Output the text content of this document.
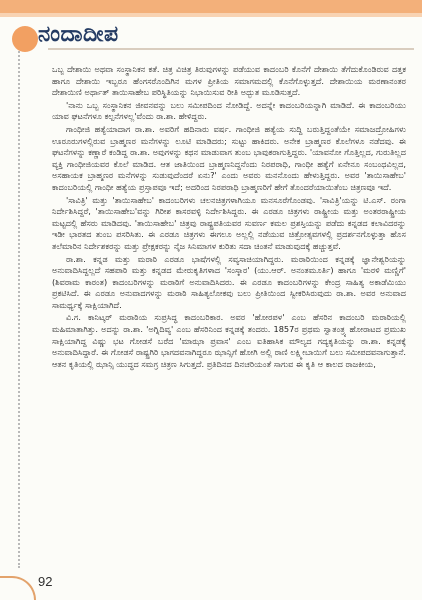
ನಂದಾದೀಪ

ಒಬ್ಬ ದೇಶಾಯಿ ಅಥವಾ ಸಂಸ್ಥಾನಿಕನ ಕತೆ. ಚಿತ್ರ ವಿಚಿತ್ರ ತಿರುವುಗಳನ್ನು ಪಡೆಯುವ ಕಾದಂಬರಿ ಕೊನೆಗೆ ದೇಶಾಯಿ ತೆಗೆದುಕೊಂಡಿರುವ ದತ್ತಕ ಹಾಗೂ ದೇಶಾಯಿ ಇಬ್ಬರೂ ಹೆಂಗಸರೊಂದಿಗಿನ ಮಗಳ ಪ್ರೀತಿಯ ಸಮಾಗಮದಲ್ಲಿ ಕೊನೆಗೊಳ್ಳುತ್ತದೆ. ದೇಶಾಯಿಯ ಮರಣಾನಂತರ ದೇಶಾಯಿಣಿ ಅರ್ಥಾತ್ ತಾಯಿಸಾಹೇಬ ಪರಿಸ್ಥಿತಿಯನ್ನು ನಿಭಾಯಿಸುವ ರೀತಿ ಅದ್ಭುತ ಮೂಡಿಸುತ್ತದೆ.

'ನಾನು ಒಬ್ಬ ಸಂಸ್ಥಾನಿಕನ ಜೀವನವನ್ನು ಬಲು ಸಮೀಪದಿಂದ ನೋಡಿದ್ದೆ. ಅದನ್ನೇ ಕಾದಂಬರಿಯನ್ನಾಗಿ ಮಾಡಿದೆ. ಈ ಕಾದಂಬರಿಯು ಯಾವ ಘಟನೆಗಳೂ ಕಲ್ಪನೆಗಳಲ್ಲ'ವೆಂದು ರಾ.ಶಾ. ಹೇಳಿದ್ದರು.

ಗಾಂಧೀಜಿ ಹತ್ಯೆಯಾದಾಗ ರಾ.ಶಾ. ಅವರಿಗೆ ಹದಿನಾರು ವರ್ಷ. ಗಾಂಧೀಜಿ ಹತ್ಯೆಯ ಸುದ್ದಿ ಬರುತ್ತಿದ್ದಂತೆಯೇ ಸಮಾಜದ್ರೋಹಿಗಳು ಊರೂರುಗಳಲ್ಲಿರುವ ಬ್ರಾಹ್ಮಣರ ಮನೆಗಳನ್ನು ಲೂಟಿ ಮಾಡಿದರು; ಸುಟ್ಟು ಹಾಕಿದರು. ಅನೇಕ ಬ್ರಾಹ್ಮಣರ ಕೊಲೆಗಳೂ ನಡೆದವು. ಈ ಘಟನೆಗಳನ್ನು ಕಣ್ಣಾರೆ ಕಂಡಿದ್ದ ರಾ.ಶಾ. ಅವುಗಳನ್ನು ಕಥನ ಮಾಡುವಾಗ ತುಂಬ ಭಾವುಕರಾಗುತ್ತಿದ್ದರು. 'ಯಾವನೋ ಗೊತ್ತಿಲ್ಲದ, ಗುರುತಿಲ್ಲದ ವ್ಯಕ್ತಿ ಗಾಂಧೀಜಿಯವರ ಕೊಲೆ ಮಾಡಿದ. ಆತ ಜಾತಿಯಿಂದ ಬ್ರಾಹ್ಮಣನಿದ್ದನೆಂದು ನಿರಪರಾಧಿ, ಗಾಂಧೀ ಹತ್ಯೆಗೆ ಏನೇನೂ ಸಂಬಂಧವಿಲ್ಲದ, ಅಸಹಾಯಕ ಬ್ರಾಹ್ಮಣರ ಮನೆಗಳನ್ನು ಸುಡುವುದೆಂದರೆ ಏನು?' ಎಂದು ಅವರು ಮನನೊಂದು ಹೇಳುತ್ತಿದ್ದರು. ಅವರ 'ತಾಯಿಸಾಹೇಬ' ಕಾದಂಬರಿಯಲ್ಲಿ ಗಾಂಧೀ ಹತ್ಯೆಯ ಪ್ರಸ್ತಾಪವೂ ಇದೆ; ಅದರಿಂದ ನಿರಪರಾಧಿ ಬ್ರಾಹ್ಮಣರಿಗೆ ಹೇಗೆ ತೊಂದರೆಯಾಯಿತೆಂಬ ಚಿತ್ರಣವೂ ಇದೆ.

'ಸಾವಿತ್ರಿ' ಮತ್ತು 'ತಾಯಿಸಾಹೇಬ' ಕಾದಂಬರಿಗಳು ಚಲನಚಿತ್ರಗಳಾಗಿಯೂ ಮನಸೂರೆಗೊಂಡವು. 'ಸಾವಿತ್ರಿ'ಯನ್ನು ಟಿ.ಎಸ್. ರಂಗಾ ನಿರ್ದೇಶಿಸಿದ್ದರೆ, 'ತಾಯಿಸಾಹೇಬ'ವನ್ನು ಗಿರೀಶ ಕಾಸರವಳ್ಳಿ ನಿರ್ದೇಶಿಸಿದ್ದರು. ಈ ಎರಡೂ ಚಿತ್ರಗಳು ರಾಷ್ಟ್ರೀಯ ಮತ್ತು ಅಂತರರಾಷ್ಟ್ರೀಯ ಮಟ್ಟದಲ್ಲಿ ಹೆಸರು ಮಾಡಿದವು. 'ತಾಯಿಸಾಹೇಬ' ಚಿತ್ರವು ರಾಷ್ಟ್ರಪತಿಯವರ ಸುವರ್ಣ ಕಮಲ ಪ್ರಶಸ್ತಿಯನ್ನು ಪಡೆದು ಕನ್ನಡದ ಕಲಾವಿದರನ್ನು ಇಡೀ ಭಾರತದ ತುಂಬ ಪಸರಿಸಿತು. ಈ ಎರಡೂ ಚಿತ್ರಗಳು ಈಗಲೂ ಅಲ್ಲಲ್ಲಿ ನಡೆಯುವ ಚಿತ್ರೋತ್ಸವಗಳಲ್ಲಿ ಪ್ರದರ್ಶನಗೊಳ್ಳುತ್ತಾ ಹೊಸ ತಲೆಮಾರಿನ ನಿರ್ದೇಶಕರನ್ನು ಮತ್ತು ಪ್ರೇಕ್ಷಕರನ್ನು ನೈಜ ಸಿನಿಮಾಗಳ ಕುರಿತು ಸದಾ ಚಿಂತನೆ ಮಾಡುವುದಕ್ಕೆ ಹಚ್ಚುತ್ತವೆ.

ರಾ.ಶಾ. ಕನ್ನಡ ಮತ್ತು ಮರಾಠಿ ಎರಡೂ ಭಾಷೆಗಳಲ್ಲಿ ಸವ್ಯಸಾಚಿಯಾಗಿದ್ದರು. ಮರಾಠಿಯಿಂದ ಕನ್ನಡಕ್ಕೆ ಜ್ಞಾನೇಶ್ವರಿಯನ್ನು ಅನುವಾದಿಸಿದ್ದಲ್ಲದೆ ಸಹಪಾಠಿ ಮತ್ತು ಕನ್ನಡದ ಮೇರುಕೃತಿಗಳಾದ 'ಸಂಸ್ಕಾರ' (ಯು.ಆರ್. ಅನಂತಮೂರ್ತಿ) ಹಾಗೂ 'ಮರಳಿ ಮಣ್ಣಿಗೆ' (ಶಿವರಾಮ ಕಾರಂತ) ಕಾದಂಬರಿಗಳನ್ನು ಮರಾಠಿಗೆ ಅನುವಾದಿಸಿದರು. ಈ ಎರಡೂ ಕಾದಂಬರಿಗಳನ್ನು ಕೇಂದ್ರ ಸಾಹಿತ್ಯ ಅಕಾಡೆಮಿಯು ಪ್ರಕಟಿಸಿದೆ. ಈ ಎರಡೂ ಅನುವಾದಗಳನ್ನು ಮರಾಠಿ ಸಾಹಿತ್ಯಲೋಕವು ಬಲು ಪ್ರೀತಿಯಿಂದ ಸ್ವೀಕರಿಸಿರುವುದು ರಾ.ಶಾ. ಅವರ ಅನುವಾದ ಸಾಮರ್ಥ್ಯಕ್ಕೆ ಸಾಕ್ಷಿಯಾಗಿದೆ.

ವಿ.ಗ. ಕಾನಿಟ್ಕರ್ ಮರಾಠಿಯ ಸುಪ್ರಸಿದ್ಧ ಕಾದಂಬರಿಕಾರ. ಅವರ 'ಹೋರಪಳ' ಎಂಬ ಹೆಸರಿನ ಕಾದಂಬರಿ ಮರಾಠಿಯಲ್ಲಿ ಮಹಿಮಾತಾಗಿತ್ತು. ಅದನ್ನು ರಾ.ಶಾ. 'ಅಗ್ನಿದಿವ್ಯ' ಎಂಬ ಹೆಸರಿನಿಂದ ಕನ್ನಡಕ್ಕೆ ತಂದರು. 1857ರ ಪ್ರಥಮ ಸ್ವಾತಂತ್ರ್ಯ ಹೋರಾಟದ ಪ್ರಮುಖ ಸಾಕ್ಷಿಯಾಗಿದ್ದ ವಿಷ್ಣು ಭಟ ಗೋಡಸೆ ಬರೆದ 'ಮಾಝಾ ಪ್ರವಾಸ' ಎಂಬ ಐತಿಹಾಸಿಕ ಮೌಲ್ಯದ ಗದ್ಯಕೃತಿಯನ್ನು ರಾ.ಶಾ. ಕನ್ನಡಕ್ಕೆ ಅನುವಾದಿಸಿದ್ದಾರೆ. ಈ ಗೋಡಸೆ ರಾಷ್ಟ್ರಗಿರಿ ಭಾಗದವನಾಗಿದ್ದರೂ ಝಾನ್ಸಿಗೆ ಹೋಗಿ ಅಲ್ಲಿ ರಾಣಿ ಲಕ್ಷ್ಮೀಬಾಯಿಗೆ ಬಲು ಸಮೀಪದವನಾಗುತ್ತಾನೆ. ಆತನ ಕೃತಿಯಲ್ಲಿ ಝಾನ್ಸಿ ಯುದ್ಧದ ಸಮಗ್ರ ಚಿತ್ರಣ ಸಿಗುತ್ತದೆ. ಪ್ರತಿದಿನದ ದಿನಚರಿಯಂತೆ ಸಾಗುವ ಈ ಕೃತಿ ಆ ಕಾಲದ ರಾಜಕೀಯ,

92
